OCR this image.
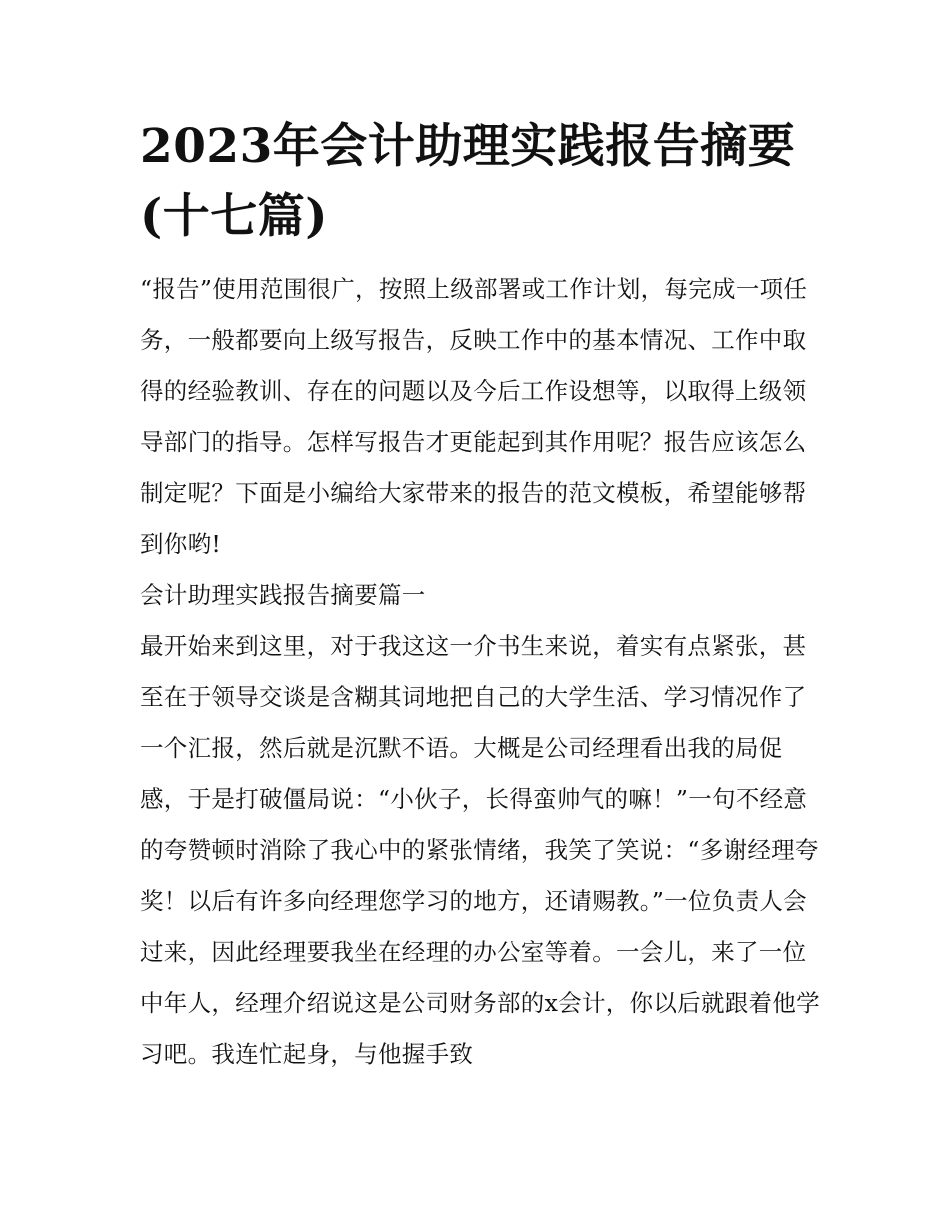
2023年会计助理实践报告摘要(十七篇)

“报告”使用范围很广，按照上级部署或工作计划，每完成一项任务，一般都要向上级写报告，反映工作中的基本情况、工作中取得的经验教训、存在的问题以及今后工作设想等，以取得上级领导部门的指导。怎样写报告才更能起到其作用呢？报告应该怎么制定呢？下面是小编给大家带来的报告的范文模板，希望能够帮到你哟!

会计助理实践报告摘要篇一

最开始来到这里，对于我这这一介书生来说，着实有点紧张，甚至在于领导交谈是含糊其词地把自己的大学生活、学习情况作了一个汇报，然后就是沉默不语。大概是公司经理看出我的局促感，于是打破僵局说：“小伙子，长得蛮帅气的嘛！”一句不经意的夸赞顿时消除了我心中的紧张情绪，我笑了笑说：“多谢经理夸奖！以后有许多向经理您学习的地方，还请赐教。”一位负责人会过来，因此经理要我坐在经理的办公室等着。一会儿，来了一位中年人，经理介绍说这是公司财务部的x会计，你以后就跟着他学习吧。我连忙起身，与他握手致
